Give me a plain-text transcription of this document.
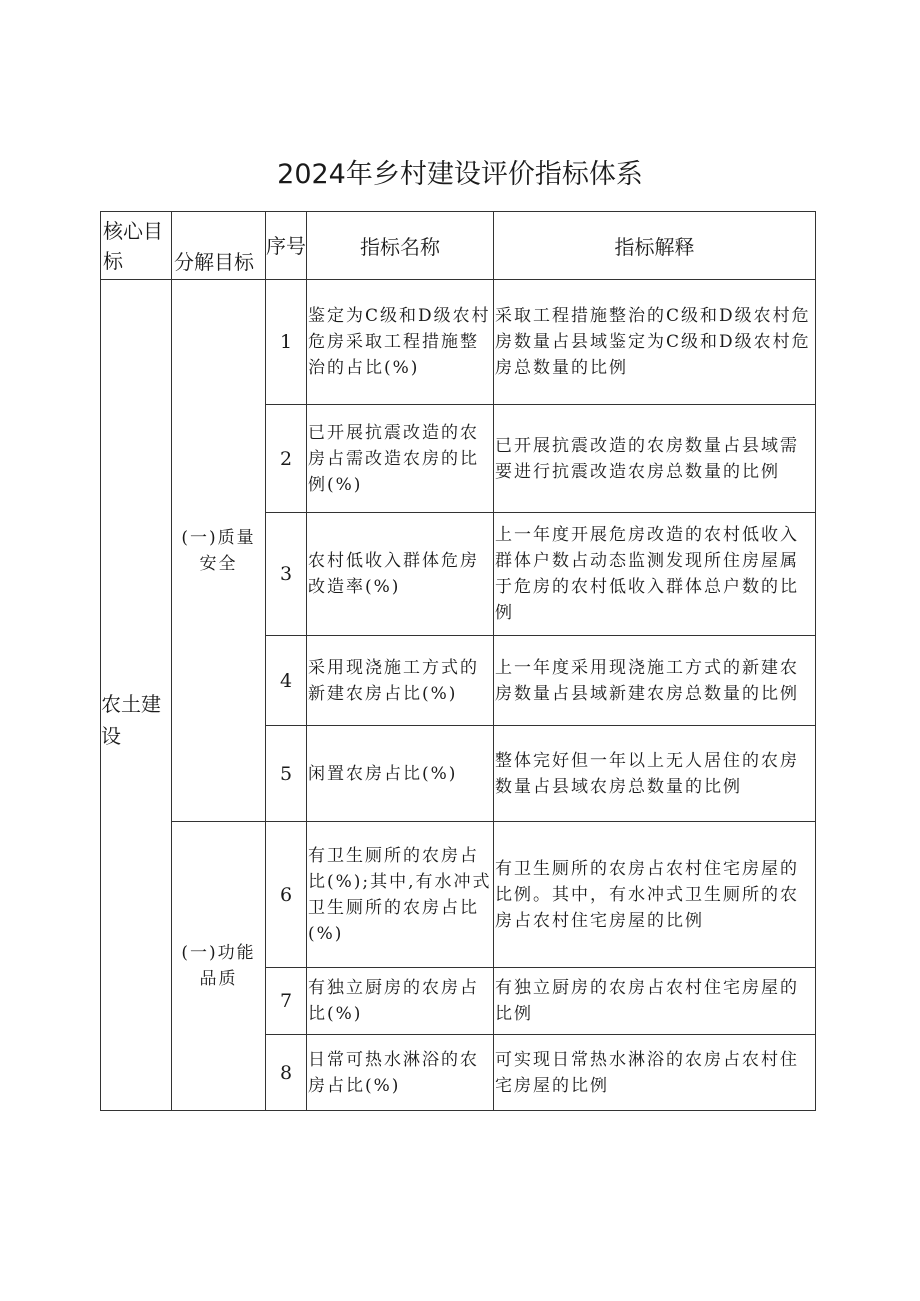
2024年乡村建设评价指标体系
核心目标	分解目标	序号	指标名称	指标解释
农土建设	(一)质量安全	1	鉴定为C级和D级农村危房采取工程措施整治的占比(%)	采取工程措施整治的C级和D级农村危房数量占县域鉴定为C级和D级农村危房总数量的比例
		2	已开展抗震改造的农房占需改造农房的比例(%)	已开展抗震改造的农房数量占县域需要进行抗震改造农房总数量的比例
		3	农村低收入群体危房改造率(%)	上一年度开展危房改造的农村低收入群体户数占动态监测发现所住房屋属于危房的农村低收入群体总户数的比例
		4	采用现浇施工方式的新建农房占比(%)	上一年度采用现浇施工方式的新建农房数量占县域新建农房总数量的比例
		5	闲置农房占比(%)	整体完好但一年以上无人居住的农房数量占县域农房总数量的比例
	(一)功能品质	6	有卫生厕所的农房占比(%);其中,有水冲式卫生厕所的农房占比(%)	有卫生厕所的农房占农村住宅房屋的比例。其中，有水冲式卫生厕所的农房占农村住宅房屋的比例
		7	有独立厨房的农房占比(%)	有独立厨房的农房占农村住宅房屋的比例
		8	日常可热水淋浴的农房占比(%)	可实现日常热水淋浴的农房占农村住宅房屋的比例
